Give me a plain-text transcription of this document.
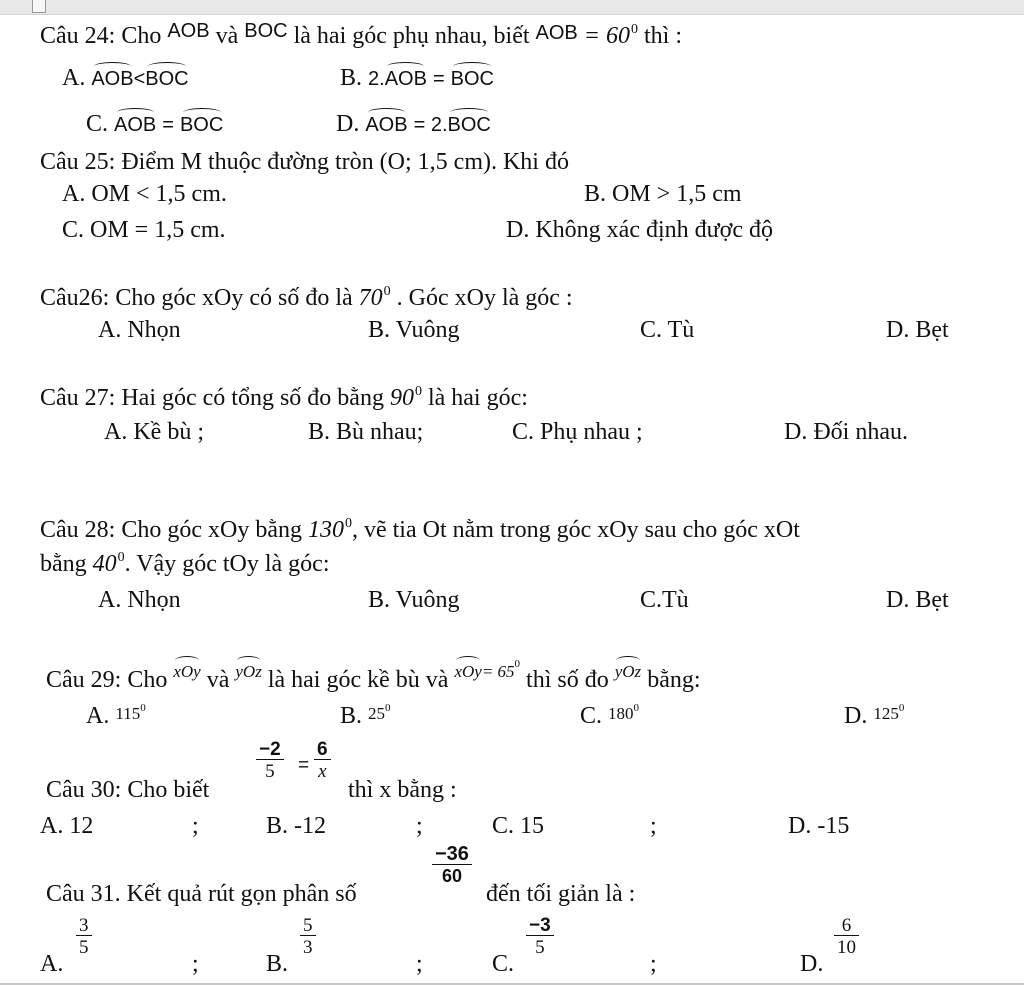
Câu 24: Cho $^{AOB}$ và $^{BOC}$ là hai góc phụ nhau, biết AOB = $60^0$ thì :
A. AOB<BOC	B. 2.AOB = BOC
C. AOB = BOC	D. AOB = 2.BOC
Câu 25: Điểm M thuộc đường tròn (O; 1,5 cm). Khi đó
A. OM < 1,5 cm.	B. OM > 1,5 cm
C. OM = 1,5 cm.	D. Không xác định được độ
Câu26: Cho góc xOy có số đo là $70^0$ . Góc xOy là góc :
A. Nhọn	B. Vuông	C. Tù	D. Bẹt
Câu 27: Hai góc có tổng số đo bằng $90^0$ là hai góc:
A. Kề bù ;	B. Bù nhau;	C. Phụ nhau ;	D. Đối nhau.
Câu 28: Cho góc xOy bằng $130^0$, vẽ tia Ot nằm trong góc xOy sau cho góc xOt
bằng $40^0$. Vậy góc tOy là góc:
A. Nhọn	B. Vuông	C.Tù	D. Bẹt
Câu 29: Cho xOy và yOz là hai góc kề bù và xOy$^{= 650}$ thì số đo yOz bằng:
A. $115^0$	B. $25^0$	C. $180^0$	D. $125^0$
Câu 30: Cho biết
$\frac{-2}{5} = \frac{6}{x}$
thì x bằng :
A. 12	;	B. -12	;	C. 15	;	D. -15
Câu 31. Kết quả rút gọn phân số
$\frac{-36}{60}$
đến tối giản là :
A.
$\frac{3}{5}$
;	B.
$\frac{5}{3}$
;	C.
$\frac{-3}{5}$
;	D.
$\frac{6}{10}$
